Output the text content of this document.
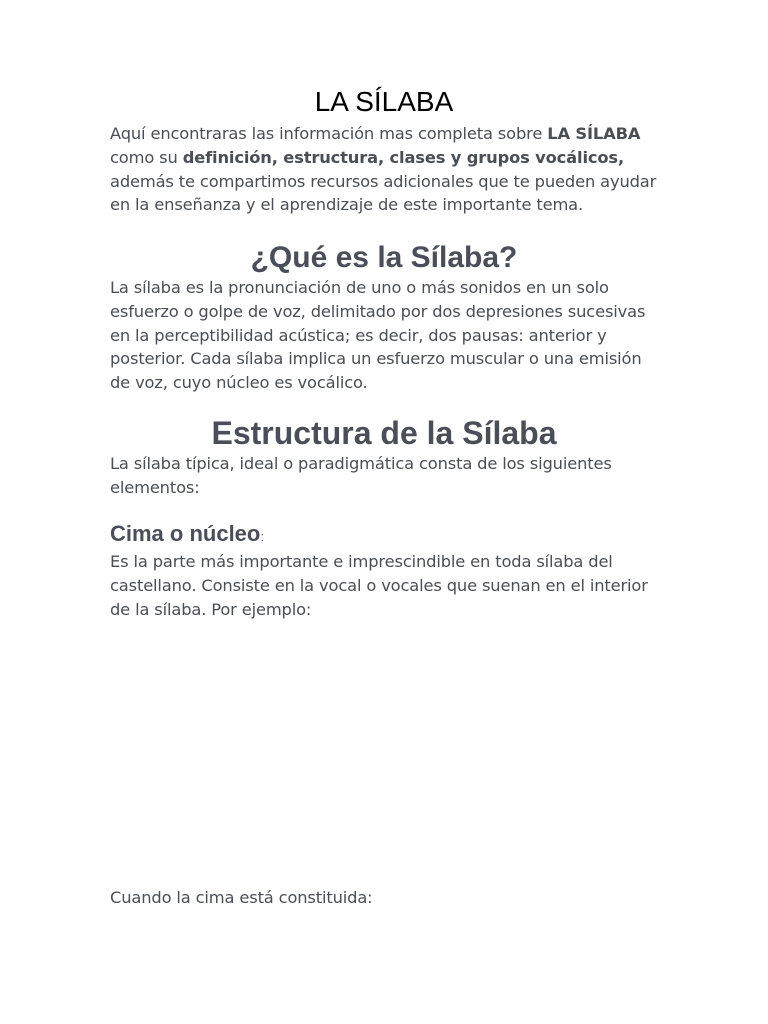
LA SÍLABA

Aquí encontraras las información mas completa sobre LA SÍLABA como su definición, estructura, clases y grupos vocálicos, además te compartimos recursos adicionales que te pueden ayudar en la enseñanza y el aprendizaje de este importante tema.

¿Qué es la Sílaba?

La sílaba es la pronunciación de uno o más sonidos en un solo esfuerzo o golpe de voz, delimitado por dos depresiones sucesivas en la perceptibilidad acústica; es decir, dos pausas: anterior y posterior. Cada sílaba implica un esfuerzo muscular o una emisión de voz, cuyo núcleo es vocálico.

Estructura de la Sílaba

La sílaba típica, ideal o paradigmática consta de los siguientes elementos:

Cima o núcleo:

Es la parte más importante e imprescindible en toda sílaba del castellano. Consiste en la vocal o vocales que suenan en el interior de la sílaba. Por ejemplo:

Cuando la cima está constituida:
